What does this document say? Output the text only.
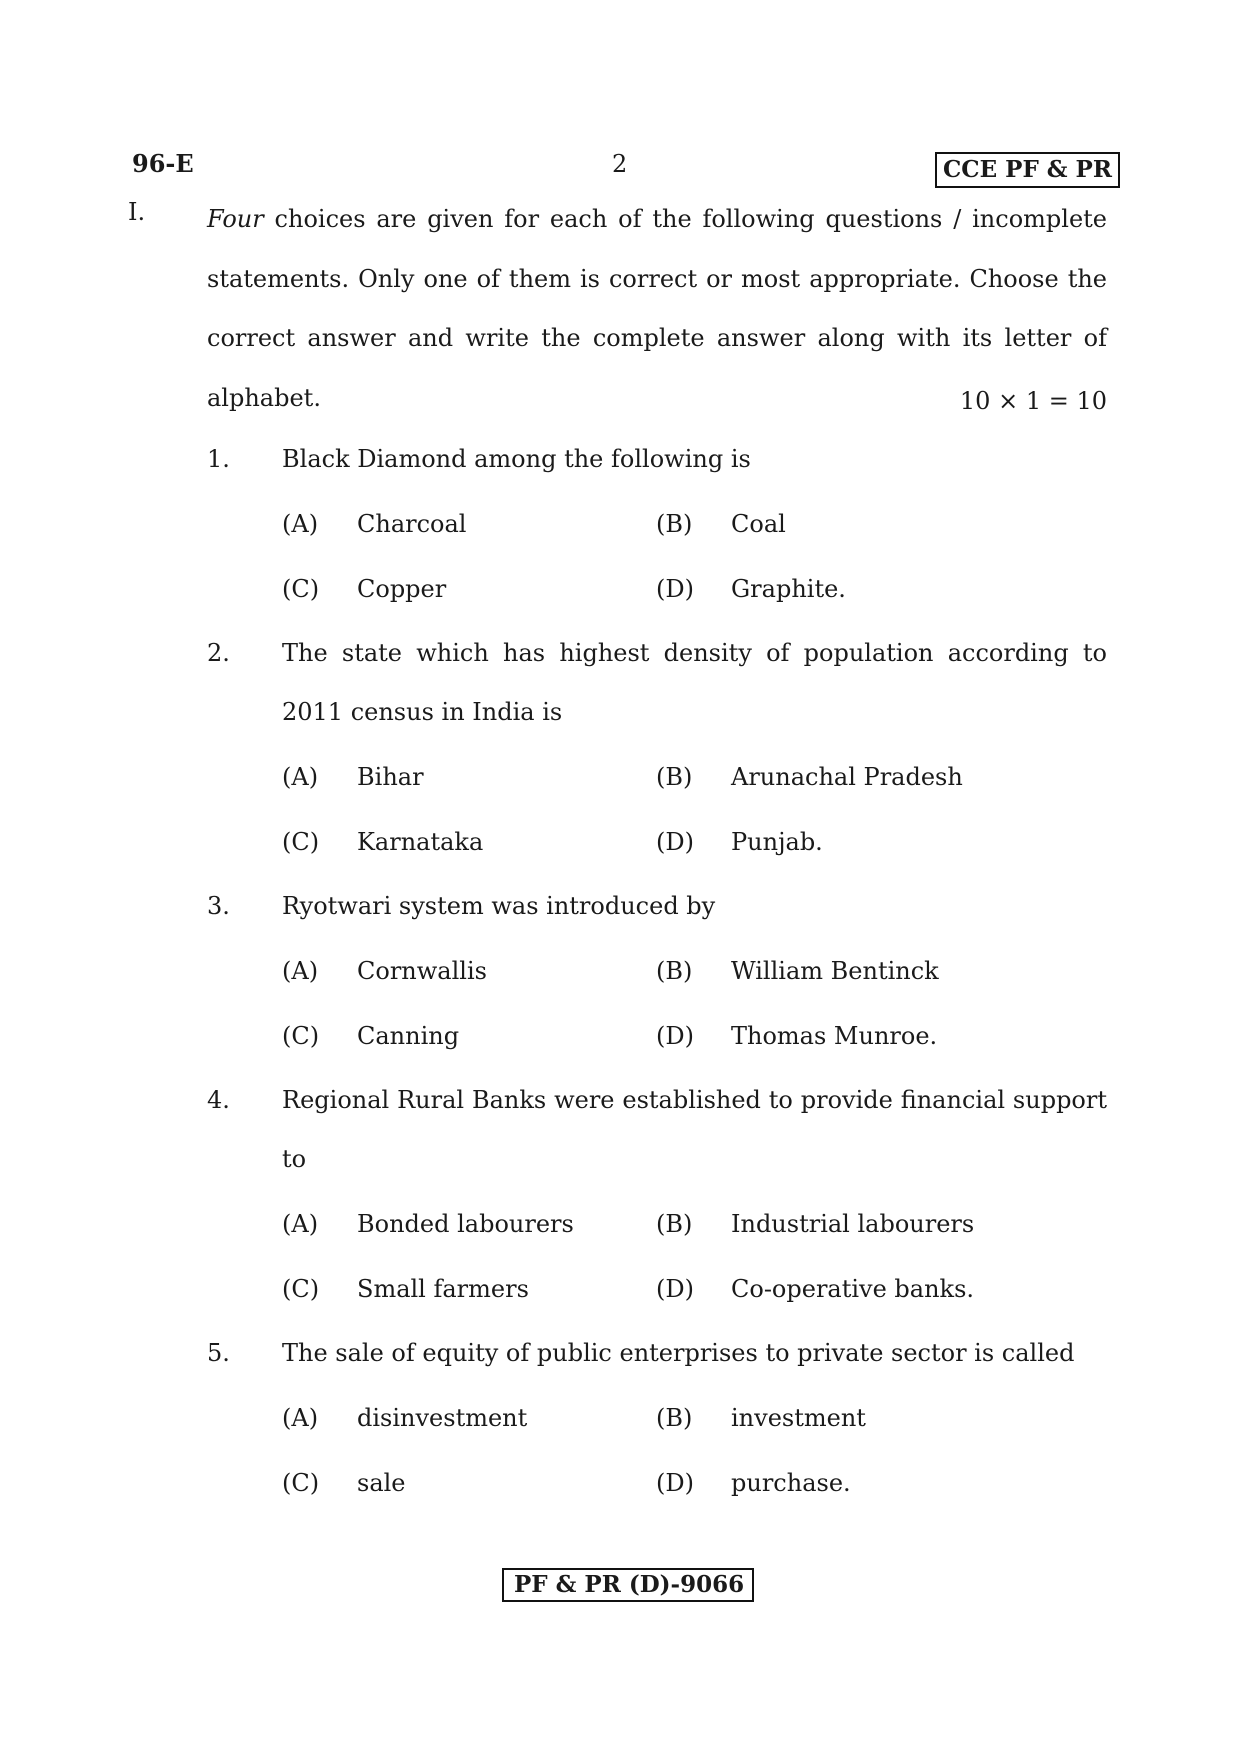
96-E	2	CCE PF & PR
I.	Four choices are given for each of the following questions / incomplete statements. Only one of them is correct or most appropriate. Choose the correct answer and write the complete answer along with its letter of alphabet.	10 × 1 = 10
1. Black Diamond among the following is
(A) Charcoal	(B) Coal
(C) Copper	(D) Graphite.
2. The state which has highest density of population according to 2011 census in India is
(A) Bihar	(B) Arunachal Pradesh
(C) Karnataka	(D) Punjab.
3. Ryotwari system was introduced by
(A) Cornwallis	(B) William Bentinck
(C) Canning	(D) Thomas Munroe.
4. Regional Rural Banks were established to provide financial support to
(A) Bonded labourers	(B) Industrial labourers
(C) Small farmers	(D) Co-operative banks.
5. The sale of equity of public enterprises to private sector is called
(A) disinvestment	(B) investment
(C) sale	(D) purchase.
PF & PR (D)-9066
